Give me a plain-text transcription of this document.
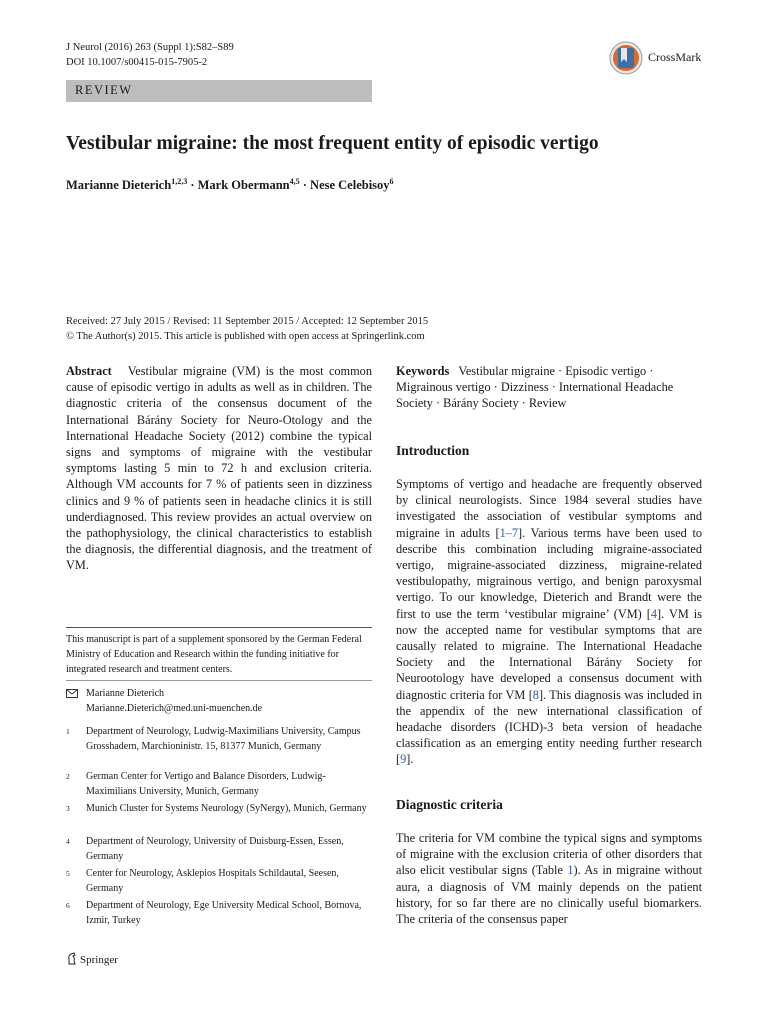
J Neurol (2016) 263 (Suppl 1):S82–S89
DOI 10.1007/s00415-015-7905-2	CrossMark
REVIEW
Vestibular migraine: the most frequent entity of episodic vertigo
Marianne Dieterich$^{1,2,3}$ · Mark Obermann$^{4,5}$ · Nese Celebisoy$^6$
Received: 27 July 2015 / Revised: 11 September 2015 / Accepted: 12 September 2015
© The Author(s) 2015. This article is published with open access at Springerlink.com
Abstract Vestibular migraine (VM) is the most common cause of episodic vertigo in adults as well as in children. The diagnostic criteria of the consensus document of the International Bárány Society for Neuro-Otology and the International Headache Society (2012) combine the typical signs and symptoms of migraine with the vestibular symptoms lasting 5 min to 72 h and exclusion criteria. Although VM accounts for 7 % of patients seen in dizziness clinics and 9 % of patients seen in headache clinics it is still underdiagnosed. This review provides an actual overview on the pathophysiology, the clinical characteristics to establish the diagnosis, the differential diagnosis, and the treatment of VM.
This manuscript is part of a supplement sponsored by the German Federal Ministry of Education and Research within the funding initiative for integrated research and treatment centers.
Marianne Dieterich
Marianne.Dieterich@med.uni-muenchen.de
1 Department of Neurology, Ludwig-Maximilians University, Campus Grosshadern, Marchioninistr. 15, 81377 Munich, Germany
2 German Center for Vertigo and Balance Disorders, Ludwig-Maximilians University, Munich, Germany
3 Munich Cluster for Systems Neurology (SyNergy), Munich, Germany
4 Department of Neurology, University of Duisburg-Essen, Essen, Germany
5 Center for Neurology, Asklepios Hospitals Schildautal, Seesen, Germany
6 Department of Neurology, Ege University Medical School, Bornova, Izmir, Turkey
Keywords Vestibular migraine · Episodic vertigo · Migrainous vertigo · Dizziness · International Headache Society · Bárány Society · Review
Introduction
Symptoms of vertigo and headache are frequently observed by clinical neurologists. Since 1984 several studies have investigated the association of vestibular symptoms and migraine in adults [1–7]. Various terms have been used to describe this combination including migraine-associated vertigo, migraine-associated dizziness, migraine-related vestibulopathy, migrainous vertigo, and benign paroxysmal vertigo. To our knowledge, Dieterich and Brandt were the first to use the term ‘vestibular migraine’ (VM) [4]. VM is now the accepted name for vestibular symptoms that are causally related to migraine. The International Headache Society and the International Bárány Society for Neurootology have developed a consensus document with diagnostic criteria for VM [8]. This diagnosis was included in the appendix of the new international classification of headache disorders (ICHD)-3 beta version of headache classification as an emerging entity needing further research [9].
Diagnostic criteria
The criteria for VM combine the typical signs and symptoms of migraine with the exclusion criteria of other disorders that also elicit vestibular signs (Table 1). As in migraine without aura, a diagnosis of VM mainly depends on the patient history, for so far there are no clinically useful biomarkers. The criteria of the consensus paper
Springer
